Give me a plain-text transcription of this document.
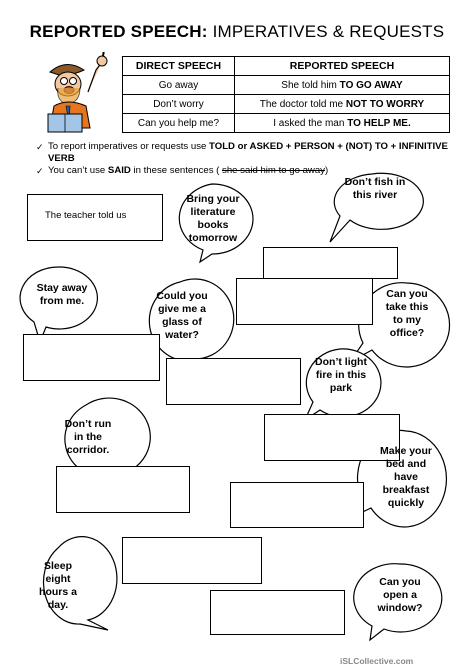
REPORTED SPEECH: IMPERATIVES & REQUESTS
DIRECT SPEECH	REPORTED SPEECH
Go away	She told him TO GO AWAY
Don’t worry	The doctor told me NOT TO WORRY
Can you help me?	I asked the man TO HELP ME.
✓ To report imperatives or requests use TOLD or ASKED + PERSON + (NOT) TO + INFINITIVE VERB
✓ You can’t use SAID in these sentences ( she said him to go away)
The teacher told us
Bring your
literature
books
tomorrow
Don’t fish in
this river
Stay away
from me.	Could you
give me a
glass of
water?
Can you
take this
to my
office?
Don’t light
fire in this
park
Don’t run
in the
corridor.	Make your
bed and
have
breakfast
quickly
Sleep
eight
hours a
day.
Can you
open a
window?
iSLCollective.com
